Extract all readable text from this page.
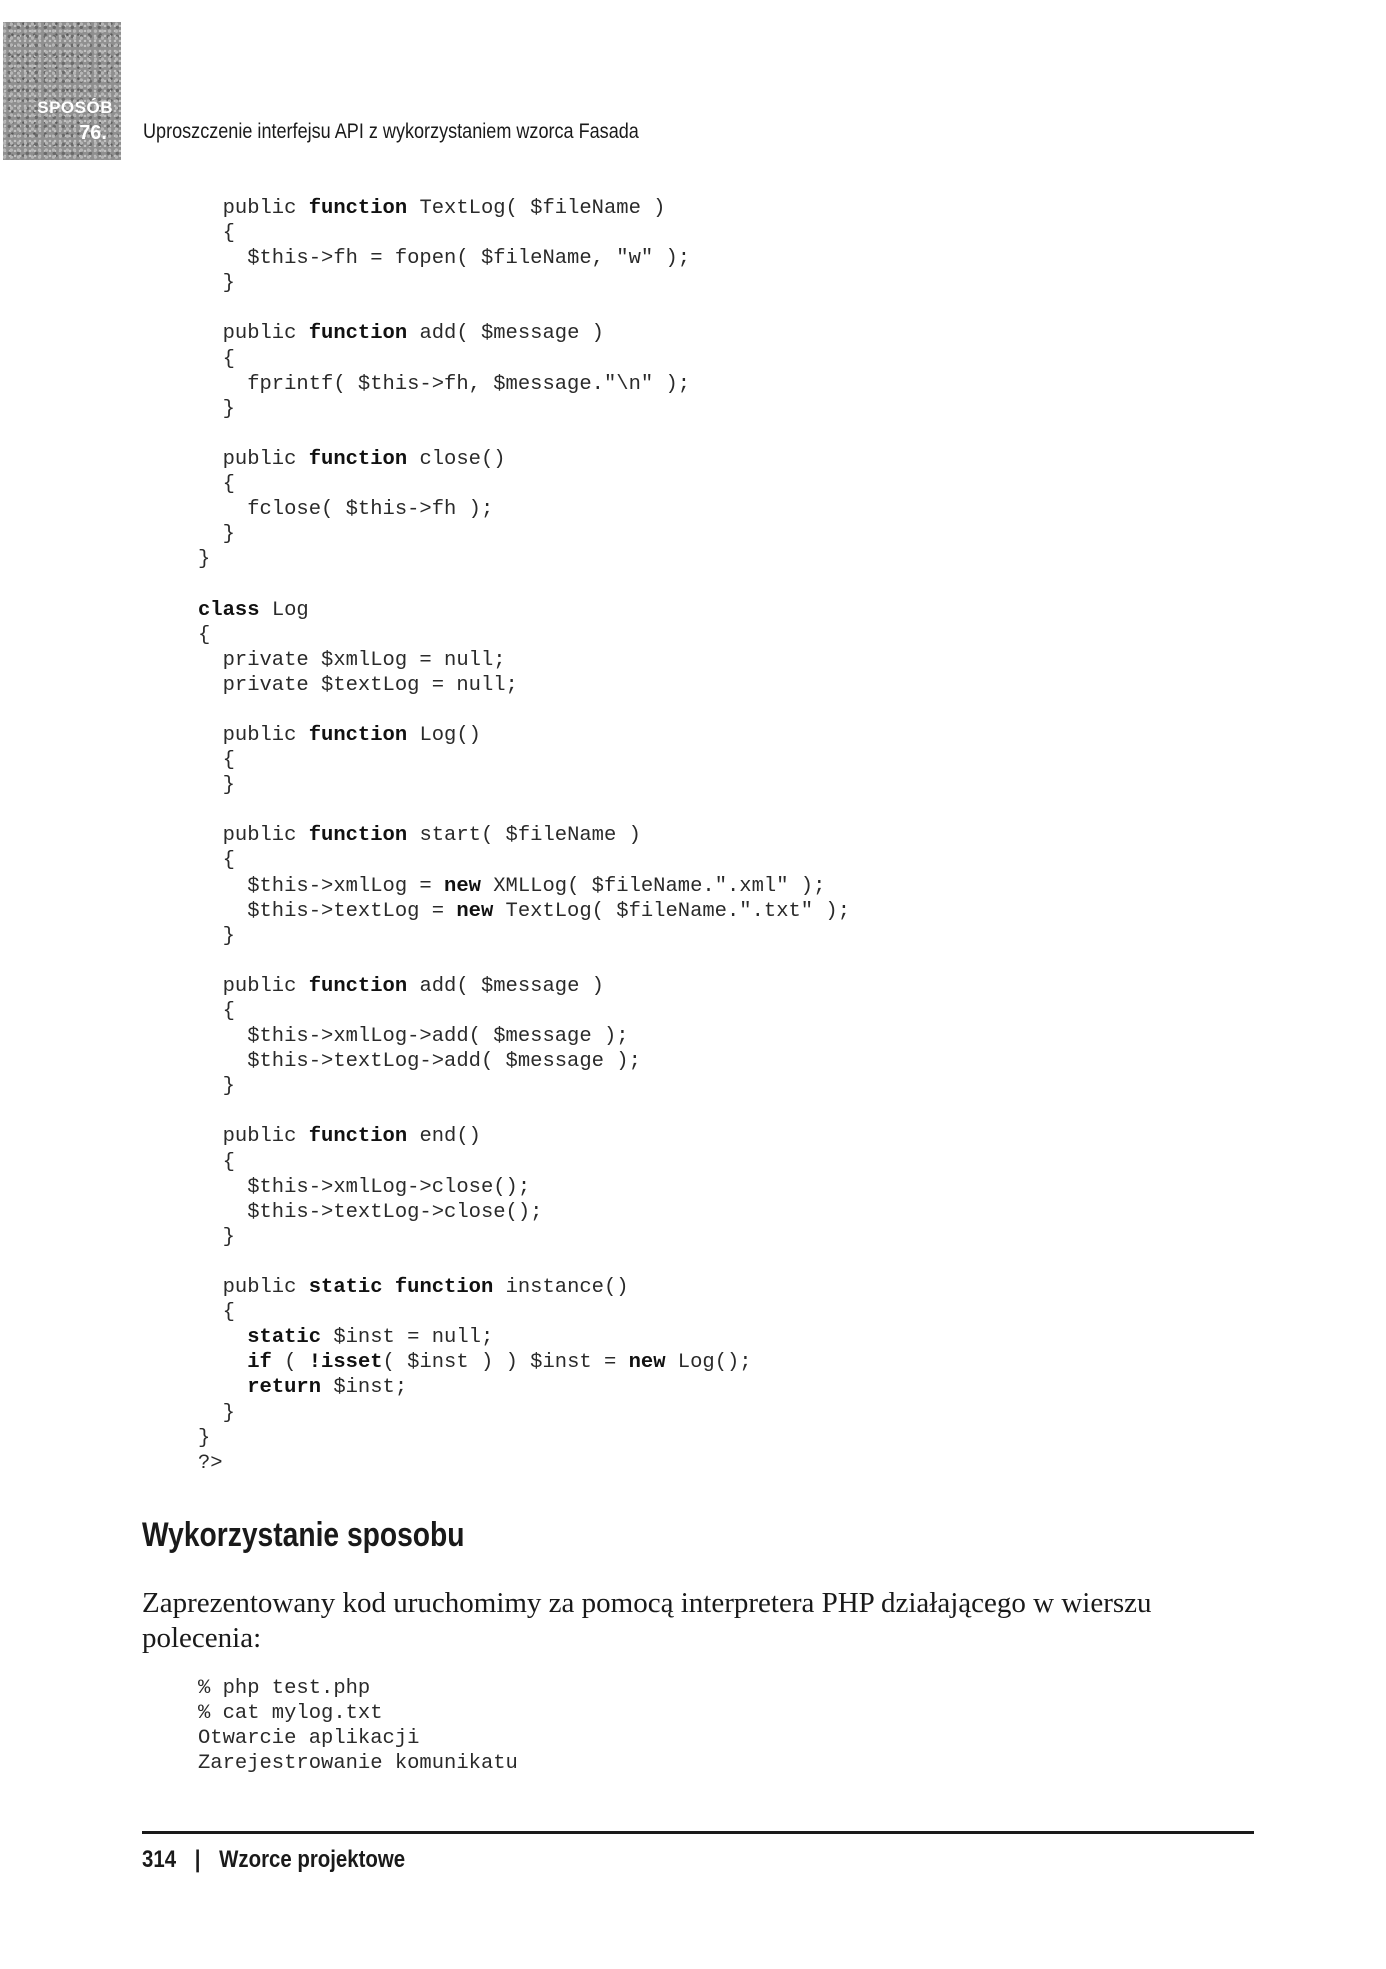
SPOSÓB
76. Uproszczenie interfejsu API z wykorzystaniem wzorca Fasada
public function TextLog( $fileName )
{
$this->fh = fopen( $fileName, "w" );
}

public function add( $message )
{
fprintf( $this->fh, $message."\n" );
}

public function close()
{
fclose( $this->fh );
}
}

class Log
{
private $xmlLog = null;
private $textLog = null;

public function Log()
{
}

public function start( $fileName )
{
$this->xmlLog = new XMLLog( $fileName.".xml" );
$this->textLog = new TextLog( $fileName.".txt" );
}

public function add( $message )
{
$this->xmlLog->add( $message );
$this->textLog->add( $message );
}

public function end()
{
$this->xmlLog->close();
$this->textLog->close();
}

public static function instance()
{
static $inst = null;
if ( !isset( $inst ) ) $inst = new Log();
return $inst;
}
}
?>
Wykorzystanie sposobu

Zaprezentowany kod uruchomimy za pomocą interpretera PHP działającego w wierszu polecenia:

% php test.php
% cat mylog.txt
Otwarcie aplikacji
Zarejestrowanie komunikatu
314 | Wzorce projektowe
